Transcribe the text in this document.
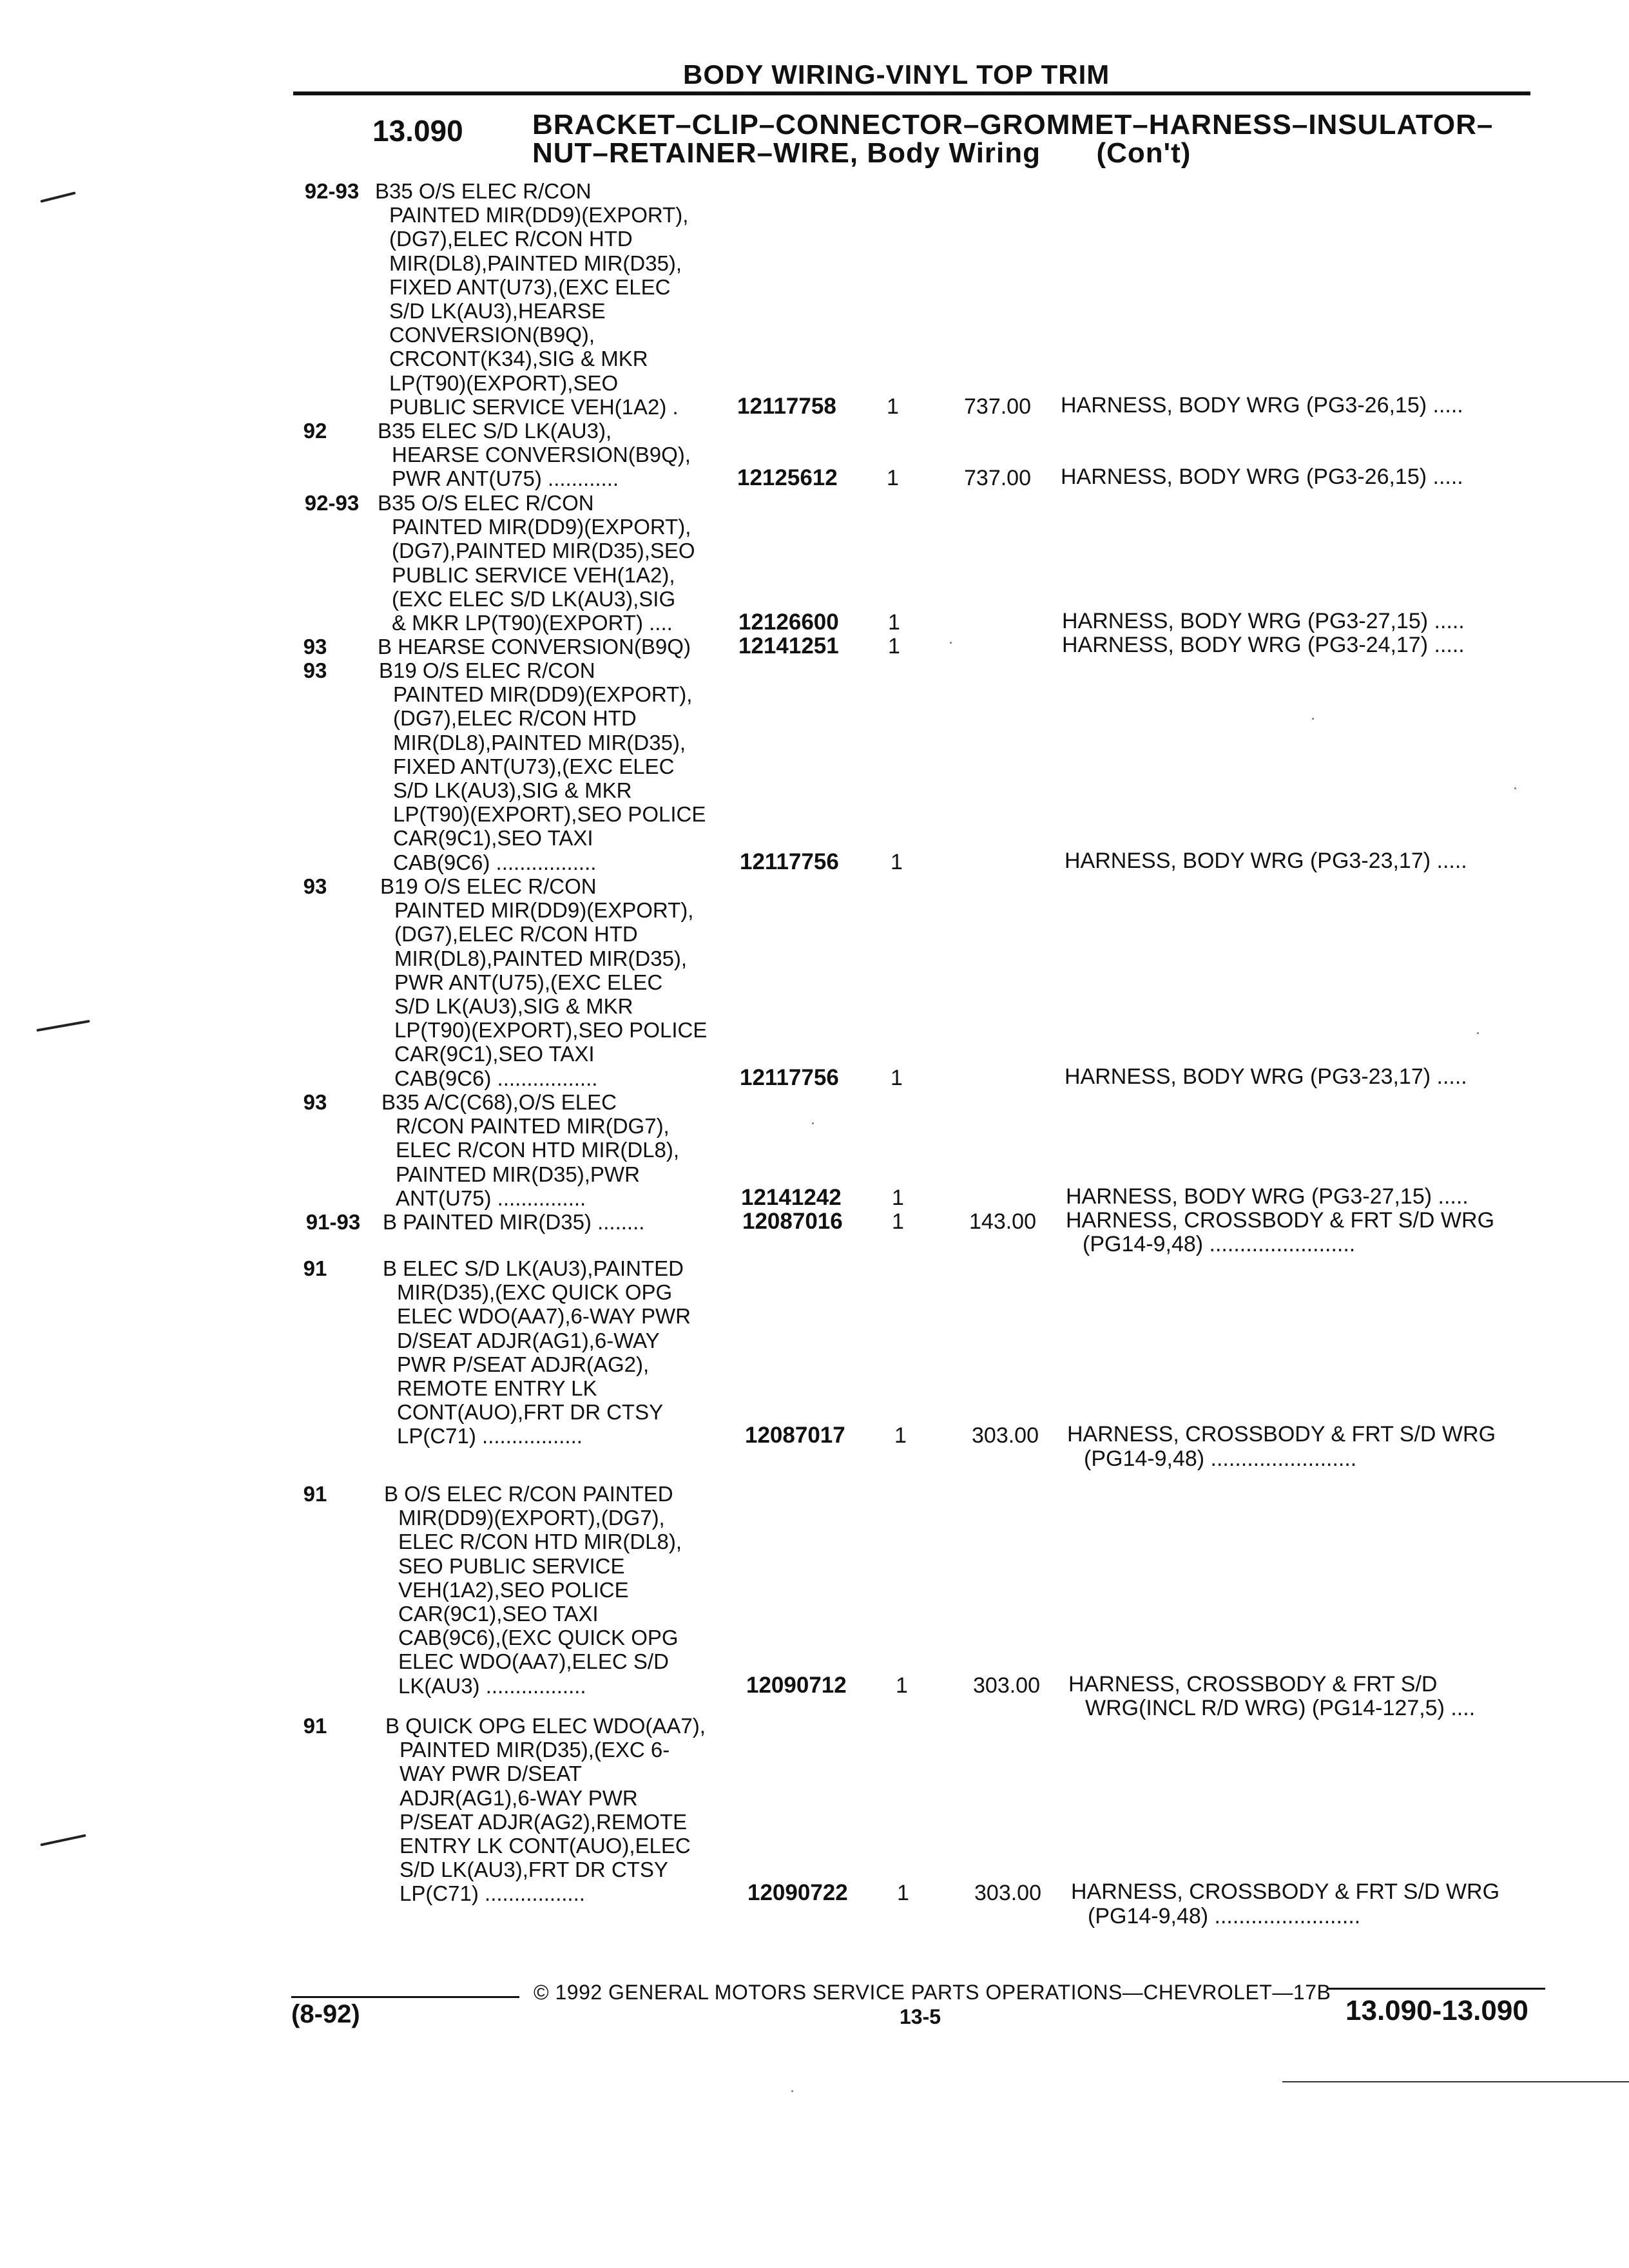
BODY WIRING-VINYL TOP TRIM
13.090 BRACKET–CLIP–CONNECTOR–GROMMET–HARNESS–INSULATOR–
NUT–RETAINER–WIRE, Body Wiring (Con't)
92-93 B35 O/S ELEC R/CON
PAINTED MIR(DD9)(EXPORT),
(DG7),ELEC R/CON HTD
MIR(DL8),PAINTED MIR(D35),
FIXED ANT(U73),(EXC ELEC
S/D LK(AU3),HEARSE
CONVERSION(B9Q),
CRCONT(K34),SIG & MKR
LP(T90)(EXPORT),SEO
PUBLIC SERVICE VEH(1A2) .	12117758 1	737.00 HARNESS, BODY WRG (PG3-26,15) .....
92	B35 ELEC S/D LK(AU3),
HEARSE CONVERSION(B9Q),
PWR ANT(U75) ............	12125612 1	737.00 HARNESS, BODY WRG (PG3-26,15) .....
92-93 B35 O/S ELEC R/CON
PAINTED MIR(DD9)(EXPORT),
(DG7),PAINTED MIR(D35),SEO
PUBLIC SERVICE VEH(1A2),
(EXC ELEC S/D LK(AU3),SIG
& MKR LP(T90)(EXPORT) ....	12126600 1	HARNESS, BODY WRG (PG3-27,15) .....
93	B HEARSE CONVERSION(B9Q) 12141251 1	HARNESS, BODY WRG (PG3-24,17) .....
93	B19 O/S ELEC R/CON
PAINTED MIR(DD9)(EXPORT),
(DG7),ELEC R/CON HTD
MIR(DL8),PAINTED MIR(D35),
FIXED ANT(U73),(EXC ELEC
S/D LK(AU3),SIG & MKR
LP(T90)(EXPORT),SEO POLICE
CAR(9C1),SEO TAXI
CAB(9C6) .................	12117756 1	HARNESS, BODY WRG (PG3-23,17) .....
93	B19 O/S ELEC R/CON
PAINTED MIR(DD9)(EXPORT),
(DG7),ELEC R/CON HTD
MIR(DL8),PAINTED MIR(D35),
PWR ANT(U75),(EXC ELEC
S/D LK(AU3),SIG & MKR
LP(T90)(EXPORT),SEO POLICE
CAR(9C1),SEO TAXI
CAB(9C6) .................	12117756 1	HARNESS, BODY WRG (PG3-23,17) .....
93	B35 A/C(C68),O/S ELEC
R/CON PAINTED MIR(DG7),
ELEC R/CON HTD MIR(DL8),
PAINTED MIR(D35),PWR
ANT(U75) ...............	12141242 1	HARNESS, BODY WRG (PG3-27,15) .....
91-93	B PAINTED MIR(D35) ........	12087016 1	143.00 HARNESS, CROSSBODY & FRT S/D WRG
(PG14-9,48) ........................
91	B ELEC S/D LK(AU3),PAINTED
MIR(D35),(EXC QUICK OPG
ELEC WDO(AA7),6-WAY PWR
D/SEAT ADJR(AG1),6-WAY
PWR P/SEAT ADJR(AG2),
REMOTE ENTRY LK
CONT(AUO),FRT DR CTSY
LP(C71) .................	12087017 1	303.00 HARNESS, CROSSBODY & FRT S/D WRG
(PG14-9,48) ........................
91	B O/S ELEC R/CON PAINTED
MIR(DD9)(EXPORT),(DG7),
ELEC R/CON HTD MIR(DL8),
SEO PUBLIC SERVICE
VEH(1A2),SEO POLICE
CAR(9C1),SEO TAXI
CAB(9C6),(EXC QUICK OPG
ELEC WDO(AA7),ELEC S/D
LK(AU3) .................	12090712 1	303.00 HARNESS, CROSSBODY & FRT S/D
WRG(INCL R/D WRG) (PG14-127,5) ....
91	B QUICK OPG ELEC WDO(AA7),
PAINTED MIR(D35),(EXC 6-
WAY PWR D/SEAT
ADJR(AG1),6-WAY PWR
P/SEAT ADJR(AG2),REMOTE
ENTRY LK CONT(AUO),ELEC
S/D LK(AU3),FRT DR CTSY
LP(C71) .................	12090722 1	303.00 HARNESS, CROSSBODY & FRT S/D WRG
(PG14-9,48) ........................
© 1992 GENERAL MOTORS SERVICE PARTS OPERATIONS—CHEVROLET—17B
(8-92)	13-5	13.090-13.090
